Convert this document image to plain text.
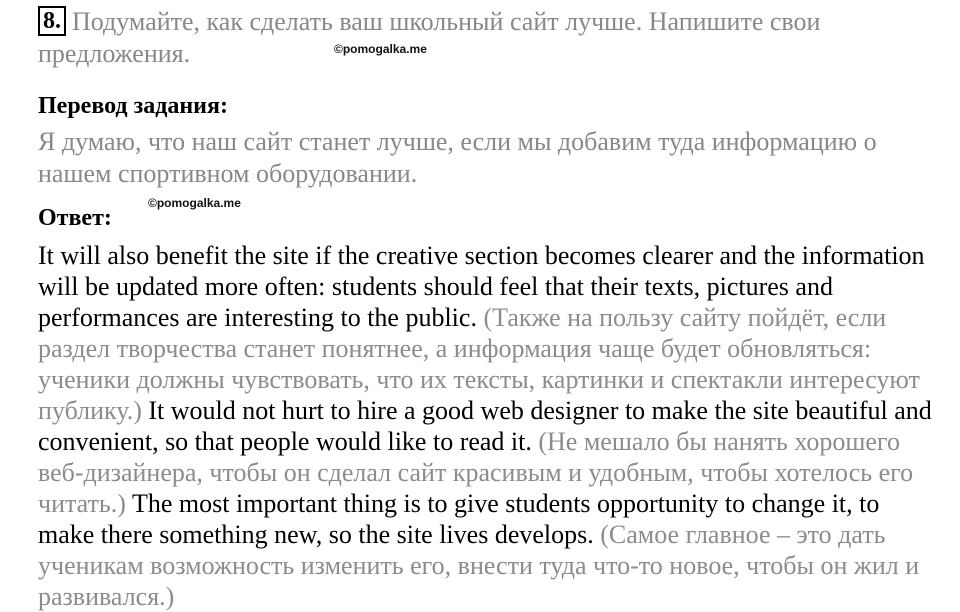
8. Подумайте, как сделать ваш школьный сайт лучше. Напишите свои предложения.	©pomogalka.me
Перевод задания:
Я думаю, что наш сайт станет лучше, если мы добавим туда информацию о нашем спортивном оборудовании.
Ответ:
©pomogalka.me
It will also benefit the site if the creative section becomes clearer and the information will be updated more often: students should feel that their texts, pictures and performances are interesting to the public. (Также на пользу сайту пойдёт, если раздел творчества станет понятнее, а информация чаще будет обновляться: ученики должны чувствовать, что их тексты, картинки и спектакли интересуют публику.) It would not hurt to hire a good web designer to make the site beautiful and convenient, so that people would like to read it. (Не мешало бы нанять хорошего веб-дизайнера, чтобы он сделал сайт красивым и удобным, чтобы хотелось его читать.) The most important thing is to give students opportunity to change it, to make there something new, so the site lives develops. (Самое главное – это дать ученикам возможность изменить его, внести туда что-то новое, чтобы он жил и развивался.)
